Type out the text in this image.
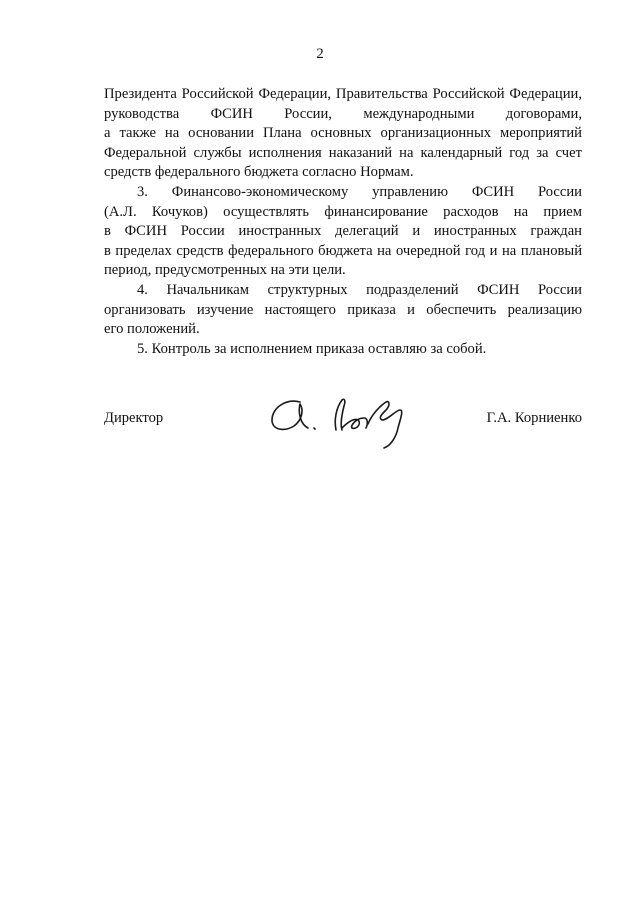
2
Президента Российской Федерации, Правительства Российской Федерации,
руководства ФСИН России, международными договорами,
а также на основании Плана основных организационных мероприятий
Федеральной службы исполнения наказаний на календарный год за счет
средств федерального бюджета согласно Нормам.
3. Финансово-экономическому управлению ФСИН России
(А.Л. Кочуков) осуществлять финансирование расходов на прием
в ФСИН России иностранных делегаций и иностранных граждан
в пределах средств федерального бюджета на очередной год и на плановый
период, предусмотренных на эти цели.
4. Начальникам структурных подразделений ФСИН России
организовать изучение настоящего приказа и обеспечить реализацию
его положений.
5. Контроль за исполнением приказа оставляю за собой.
Директор	Г.А. Корниенко
